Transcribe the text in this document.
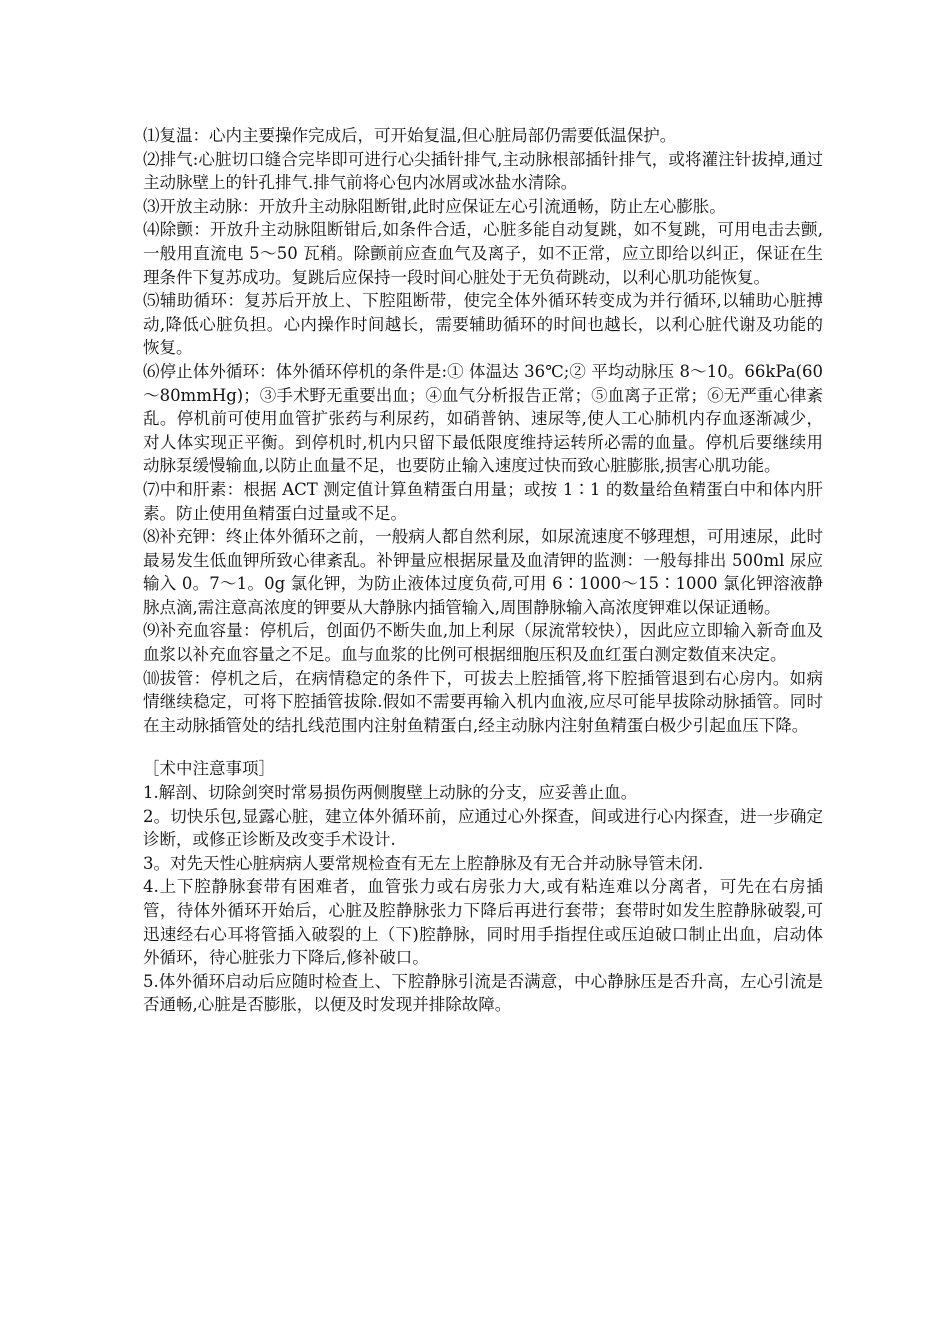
⑴复温：心内主要操作完成后，可开始复温,但心脏局部仍需要低温保护。

⑵排气:心脏切口缝合完毕即可进行心尖插针排气,主动脉根部插针排气，或将灌注针拔掉,通过主动脉壁上的针孔排气.排气前将心包内冰屑或冰盐水清除。

⑶开放主动脉：开放升主动脉阻断钳,此时应保证左心引流通畅，防止左心膨胀。

⑷除颤：开放升主动脉阻断钳后,如条件合适，心脏多能自动复跳，如不复跳，可用电击去颤,一般用直流电 5～50 瓦稍。除颤前应查血气及离子，如不正常，应立即给以纠正，保证在生理条件下复苏成功。复跳后应保持一段时间心脏处于无负荷跳动，以利心肌功能恢复。

⑸辅助循环：复苏后开放上、下腔阻断带，使完全体外循环转变成为并行循环,以辅助心脏搏动,降低心脏负担。心内操作时间越长，需要辅助循环的时间也越长，以利心脏代谢及功能的恢复。

⑹停止体外循环：体外循环停机的条件是:① 体温达 36℃;② 平均动脉压 8～10。66kPa(60～80mmHg)；③手术野无重要出血；④血气分析报告正常；⑤血离子正常；⑥无严重心律紊乱。停机前可使用血管扩张药与利尿药，如硝普钠、速尿等,使人工心肺机内存血逐渐减少，对人体实现正平衡。到停机时,机内只留下最低限度维持运转所必需的血量。停机后要继续用动脉泵缓慢输血,以防止血量不足，也要防止输入速度过快而致心脏膨胀,损害心肌功能。

⑺中和肝素：根据 ACT 测定值计算鱼精蛋白用量；或按 1∶1 的数量给鱼精蛋白中和体内肝素。防止使用鱼精蛋白过量或不足。

⑻补充钾：终止体外循环之前，一般病人都自然利尿，如尿流速度不够理想，可用速尿，此时最易发生低血钾所致心律紊乱。补钾量应根据尿量及血清钾的监测：一般每排出 500ml 尿应输入 0。7～1。0g 氯化钾，为防止液体过度负荷,可用 6∶1000～15∶1000 氯化钾溶液静脉点滴,需注意高浓度的钾要从大静脉内插管输入,周围静脉输入高浓度钾难以保证通畅。

⑼补充血容量：停机后，创面仍不断失血,加上利尿（尿流常较快），因此应立即输入新奇血及血浆以补充血容量之不足。血与血浆的比例可根据细胞压积及血红蛋白测定数值来决定。

⑽拔管：停机之后，在病情稳定的条件下，可拔去上腔插管,将下腔插管退到右心房内。如病情继续稳定，可将下腔插管拔除.假如不需要再输入机内血液,应尽可能早拔除动脉插管。同时在主动脉插管处的结扎线范围内注射鱼精蛋白,经主动脉内注射鱼精蛋白极少引起血压下降。

［术中注意事项］

1.解剖、切除剑突时常易损伤两侧腹壁上动脉的分支，应妥善止血。

2。切快乐包,显露心脏，建立体外循环前，应通过心外探查，间或进行心内探查，进一步确定诊断，或修正诊断及改变手术设计.

3。对先天性心脏病病人要常规检查有无左上腔静脉及有无合并动脉导管未闭.

4.上下腔静脉套带有困难者，血管张力或右房张力大,或有粘连难以分离者，可先在右房插管，待体外循环开始后，心脏及腔静脉张力下降后再进行套带；套带时如发生腔静脉破裂,可迅速经右心耳将管插入破裂的上（下)腔静脉，同时用手指捏住或压迫破口制止出血，启动体外循环，待心脏张力下降后,修补破口。

5.体外循环启动后应随时检查上、下腔静脉引流是否满意，中心静脉压是否升高，左心引流是否通畅,心脏是否膨胀，以便及时发现并排除故障。
